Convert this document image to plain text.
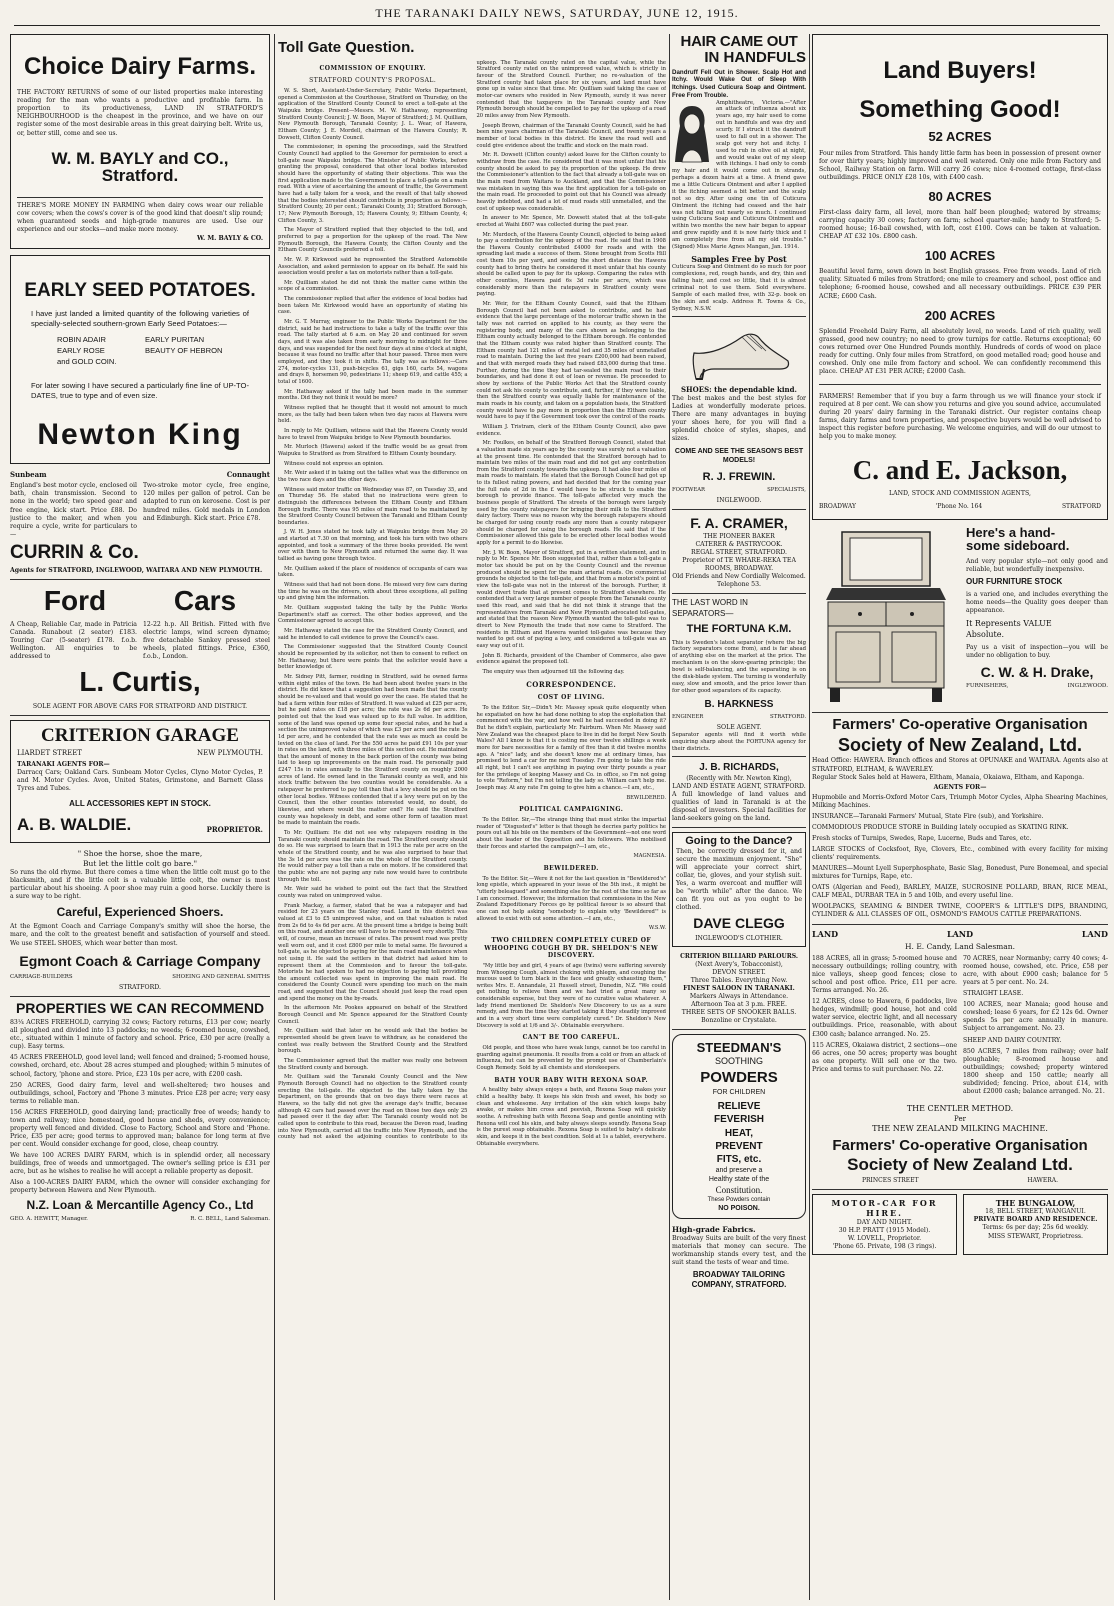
THE TARANAKI DAILY NEWS, SATURDAY, JUNE 12, 1915.
Choice Dairy Farms.
THE FACTORY RETURNS of some of our listed properties make interesting reading for the man who wants a productive and profitable farm. In proportion to its productiveness, LAND IN STRATFORD'S NEIGHBOURHOOD is the cheapest in the province, and we have on our register some of the most desirable areas in this great dairying belt. Write us, or, better still, come and see us.
W. M. BAYLY and CO., Stratford.
THERE'S MORE MONEY IN FARMING when dairy cows wear our reliable cow covers; when the cows's cover is of the good kind that doesn't slip round; when guaranteed seeds and high-grade manures are used. Use our experience and our stocks—and make more money.
W. M. BAYLY & CO.
EARLY SEED POTATOES.
I have just landed a limited quantity of the following varieties of specially-selected southern-grown Early Seed Potatoes:—
ROBIN ADAIR	EARLY PURITAN
EARLY ROSE	BEAUTY OF HEBRON
and GOLD COIN.
For later sowing I have secured a particularly fine line of UP-TO-DATES, true to type and of even size.
Newton King
Sunbeam	Connaught
England's best motor cycle, enclosed oil bath, chain transmission. Second to none in the world; two speed gear and free engine, kick start. Price £88. Do justice to the maker, and when you require a cycle, write for particulars to—
Two-stroke motor cycle, free engine, 120 miles per gallon of petrol. Can be adapted to run on kerosene. Cost is per hundred miles. Gold medals in London and Edinburgh. Kick start. Price £78.
CURRIN & Co.
Agents for STRATFORD, INGLEWOOD, WAITARA AND NEW PLYMOUTH.
Ford Cars
A Cheap, Reliable Car, made in Patricia Canada. Runabout (2 seater) £183. Touring Car (5-seater) £178. f.o.b. Wellington. All enquiries to be addressed to
12-22 h.p. All British. Fitted with five electric lamps, wind screen dynamo; five detachable Sankey pressed steel wheels, plated fittings. Price, £360, f.o.b., London.
L. Curtis,
SOLE AGENT FOR ABOVE CARS FOR STRATFORD AND DISTRICT.
CRITERION GARAGE
LIARDET STREET	NEW PLYMOUTH.
TARANAKI AGENTS FOR—
Darracq Cars; Oakland Cars. Sunbeam Motor Cycles, Clyno Motor Cycles, P. and M. Motor Cycles. Avon, United States, Grimstone, and Barnett Glass Tyres and Tubes.
ALL ACCESSORIES KEPT IN STOCK.
A. B. WALDIE.	PROPRIETOR.
" Shoe the horse, shoe the mare,
But let the little colt go bare."
So runs the old rhyme. But there comes a time when the little colt must go to the blacksmith, and if the little colt is a valuable little colt, the owner is most particular about his shoeing. A poor shoe may ruin a good horse. Luckily there is a sure way to be right.
Careful, Experienced Shoers.
At the Egmont Coach and Carriage Company's smithy will shoe the horse, the mare, and the colt to the greatest benefit and satisfaction of yourself and steed. We use STEEL SHOES, which wear better than most.
Egmont Coach & Carriage Company
CARRIAGE-BUILDERS	SHOEING AND GENERAL SMITHS
STRATFORD.
PROPERTIES WE CAN RECOMMEND
83¼ ACRES FREEHOLD, carrying 32 cows; Factory returns, £13 per cow; nearly all ploughed and divided into 13 paddocks; no weeds; 6-roomed house, cowshed, etc., situated within 1 minute of factory and school. Price, £30 per acre (really a cup). Easy terms.
45 ACRES FREEHOLD, good level land; well fenced and drained; 5-roomed house, cowshed, orchard, etc. About 28 acres stumped and ploughed; within 5 minutes of school, factory, 'phone and store. Price, £23 10s per acre, with £200 cash.
250 ACRES, Good dairy farm, level and well-sheltered; two houses and outbuildings, school, Factory and 'Phone 3 minutes. Price £28 per acre; very easy terms to reliable man.
156 ACRES FREEHOLD, good dairying land; practically free of weeds; handy to town and railway; nice homestead, good house and sheds, every convenience; property well fenced and divided. Close to Factory, School and Store and 'Phone. Price, £35 per acre; good terms to approved man; balance for long term at five per cent. Would consider exchange for good, close, cheap country.
We have 100 ACRES DAIRY FARM, which is in splendid order, all necessary buildings, free of weeds and unmortgaged. The owner's selling price is £31 per acre, but as he wishes to realise he will accept a reliable property as deposit.
Also a 100-ACRES DAIRY FARM, which the owner will consider exchanging for property between Hawera and New Plymouth.
N.Z. Loan & Mercantille Agency Co., Ltd
GEO. A. HEWITT, Manager.	R. C. BELL, Land Salesman.
Toll Gate Question.
COMMISSION OF ENQUIRY.
STRATFORD COUNTY'S PROPOSAL.

W. S. Short, Assistant-Under-Secretary, Public Works Department, opened a Commission at the Courthouse, Stratford on Thursday, on the application of the Stratford County Council to erect a toll-gate at the Waipuku bridge. Present—Messrs. M. W. Hathaway, representing Stratford County Council; J. W. Boon, Mayor of Stratford; J. M. Quilliam, New Plymouth Borough, Taranaki County; J. L. Wear, of Hawera, Eltham County; J. E. Mordell, chairman of the Hawera County; R. Dowsett, Clifton County Council.

The commissioner, in opening the proceedings, said the Stratford County Council had applied to the Governor for permission to erect a toll-gate near Waipuku bridge. The Minister of Public Works, before granting the proposal, considered that other local bodies interested should have the opportunity of stating their objections. This was the first application made to the Government to place a toll-gate on a main road. With a view of ascertaining the amount of traffic, the Government have had a tally taken for a week, and the result of that tally showed that the bodies interested should contribute in proportion as follows:—Stratford County, 20 per cent.; Taranaki County, 31; Stratford Borough, 17; New Plymouth Borough, 15; Hawera County, 9; Eltham County, 4; Clifton County, 3.

The Mayor of Stratford replied that they objected to the toll, and preferred to pay a proportion for the upkeep of the road. The New Plymouth Borough, the Hawera County, the Clifton County and the Eltham County Councils preferred a toll.

Mr. W. P. Kirkwood said he represented the Stratford Automobile Association, and asked permission to appear on its behalf. He said his association would prefer a tax on motorists rather than a toll-gate.

Mr. Quilliam stated he did not think the matter came within the scope of a commission.

The commissioner replied that after the evidence of local bodies had been taken Mr. Kirkwood would have an opportunity of stating his case.

Mr. G. T. Murray, engineer to the Public Works Department for the district, said he had instructions to take a tally of the traffic over this road. The tally started at 6 a.m. on May 20 and continued for seven days, and it was also taken from early morning to midnight for three days, and was suspended for the next four days at nine o'clock at night, because it was found no traffic after that hour passed. Three men were employed, and they took it in shifts. The tally was as follows:—Cars 274, motor-cycles 131, push-bicycles 61, gigs 160, carts 54, wagons and drays 8, horsemen 90, pedestrians 11; sheep 619, and cattle 455; a total of 1600.

Mr. Hathaway asked if the tally had been made in the summer months. Did they not think it would be more?

Witness replied that he thought that it would not amount to much more, as the tally had been taken when two day races at Hawera were held.

In reply to Mr. Quilliam, witness said that the Hawera County would have to travel from Waipuku bridge to New Plymouth boundaries.

Mr. Murloch (Hawera) asked if the traffic would be as great from Waipuku to Stratford as from Stratford to Eltham County boundary.

Witness could not express an opinion.

Mr. Weir asked if in taking out the tallies what was the difference on the two race days and the other days.

Witness said motor traffic on Wednesday was 87, on Tuesday 35, and on Thursday 56. He stated that no instructions were given to distinguish the differences between the Eltham County and Eltham Borough traffic. There was 95 miles of main road to be maintained by the Stratford County Council between the Taranaki and Eltham County boundaries.

J. W. H. Jones stated he took tally at Waipuku bridge from May 20 and started at 7.30 on that morning, and took his turn with two others appointed, and took a summary of the three books provided. He went over with them to New Plymouth and returned the same day. It was tallied as having gone through twice.

Mr. Quilliam asked if the place of residence of occupants of cars was taken.

Witness said that had not been done. He missed very few cars during the time he was on the drivers, with about three exceptions, all pulling up and giving him the information.

Mr. Quilliam suggested taking the tally by the Public Works Department's staff as correct. The other bodies approved, and the Commissioner agreed to accept this.

Mr. Hathaway stated the case for the Stratford County Council, and said he intended to call evidence to prove the Council's case.

The Commissioner suggested that the Stratford County Council should be represented by its solicitor, not then to consent to reflect on Mr. Hathaway, but there were points that the solicitor would have a better knowledge of.

Mr. Sidney Pitt, farmer, residing in Stratford, said he owned farms within eight miles of the town. He had been about twelve years in the district. He did know that a suggestion had been made that the county should be re-valued and that would go over the case. He stated that he had a farm within four miles of Stratford. It was valued at £25 per acre, but he paid rates on £18 per acre; the rate was 2s 6d per acre. He pointed out that the load was valued up to its full value. In addition, some of the land was opened up some four special rates, and he had a section the unimproved value of which was £3 per acre and the rate 3s 1d per acre, and he contended that the rate was as much as could be levied on the class of land. For the 550 acres he paid £91 10s per year in rates on the land, with three miles of this section out. He maintained that the amount of money in the back portion of the county was being laid to keep up improvements on the main road. He personally paid £247 15s in rates annually to the Stratford county on roughly 2000 acres of land. He owned land in the Taranaki county as well, and his stock traffic between the two counties would be considerable. As a ratepayer he preferred to pay toll than that a levy should be put on the other local bodies. Witness contended that if a levy were put on by the Council, then the other counties interested would, no doubt, do likewise, and where would the matter end? He said the Stratford county was hopelessly in debt, and some other form of taxation must be made to maintain the roads.

To Mr. Quilliam: He did not see why ratepayers residing in the Taranaki county should maintain the road. The Stratford county should do so. He was surprised to learn that in 1913 the rate per acre on the whole of the Stratford county, and he was also surprised to hear that the 3s 1d per acre was the rate on the whole of the Stratford county. He would rather pay a toll than a rate on motors. If he considered that the public who are not paying any rate now would have to contribute through the toll.

Mr. Weir said he wished to point out the fact that the Stratford county was rated on unimproved value.

Frank Mackay, a farmer, stated that he was a ratepayer and had resided for 23 years on the Stanley road. Land in this district was valued at £3 to £5 unimproved value, and on that valuation is rated from 2s 6d to 4s 6d per acre. At the present time a bridge is being built on this road, and another one will have to be renewed very shortly. This will, of course, mean an increase of rates. The present road was pretty well worn out, and it cost £800 per mile to metal same. He favoured a toll-gate, as he objected to paying for the main road maintenance when not using it. He said the settlers in that district had asked him to represent them at the Commission and to favour the toll-gate. Motorists he had spoken to had no objection to paying toll providing the amount collected was spent in improving the main road. He considered the County Council were spending too much on the main road, and suggested that the Council should just keep the road open and spend the money on the by-roads.

In the afternoon Mr. Pookes appeared on behalf of the Stratford Borough Council and Mr. Spence appeared for the Stratford County Council.

Mr. Quilliam said that later on he would ask that the bodies be represented should be given leave to withdraw, as he considered the contest was really between the Stratford County and the Stratford borough.

The Commissioner agreed that the matter was really one between the Stratford county and borough.

Mr. Quilliam said the Taranaki County Council and the New Plymouth Borough Council had no objection to the Stratford county erecting the toll-gate. He objected to the tally taken by the Department, on the grounds that on two days there were races at Hawera, so the tally did not give the average day's traffic, because although 42 cars had passed over the road on those two days only 25 had passed over it the day after. The Taranaki county would not be called upon to contribute to this road, because the Devon road, leading into New Plymouth, carried all the traffic into New Plymouth, and the county had not asked the adjoining counties to contribute to its upkeep. The Taranaki county rated on the capital value, while the Stratford county rated on the unimproved value, which is strictly in favour of the Stratford Council. Further, no re-valuation of the Stratford county had taken place for six years, and land must have gone up in value since that time. Mr. Quilliam said taking the case of motor-car owners who resided in New Plymouth, surely it was never contended that the taxpayers in the Taranaki county and New Plymouth borough should be compelled to pay for the upkeep of a road 20 miles away from New Plymouth.

Joseph Brown, chairman of the Taranaki County Council, said he had been nine years chairman of the Taranaki Council, and twenty years a member of local bodies in this district. He knew the road well and could give evidence about the traffic and stock on the main road.

Mr. R. Dowsett (Clifton county) asked leave for the Clifton county to withdraw from the case. He considered that it was most unfair that his county should be asked to pay its proportion of the upkeep. He drew the Commissioner's attention to the fact that already a toll-gate was on the main road from Waitara to Auckland, and that the Commissioner was mistaken in saying this was the first application for a toll-gate on the main road. He proceeded to point out that his Council was already heavily indebted, and had a lot of mud roads still unmetalled, and the cost of upkeep was considerable.

In answer to Mr. Spence, Mr. Dowsett stated that at the toll-gate erected at Waihi £607 was collected during the past year.

Mr. Murdoch, of the Hawera County Council, objected to being asked to pay a contribution for the upkeep of the road. He said that in 1908 the Hawera County contributed £4000 for roads and with the spreading last made a success of them. Stone brought from Scotts Hill cost them 10s per yard, and seeing the short distance the Hawera county had to bring theirs he considered it most unfair that his county should be called upon to pay for its upkeep. Comparing the rates with other counties, Hawera paid 6s 3d rate per acre, which was considerably more than the ratepayers in Stratford county were paying.

Mr. Weir, for the Eltham County Council, said that the Eltham Borough Council had not been asked to contribute, and he had evidence that the large percentage of the motorcar traffic shown in the tally was not carried on applied to his county, as they were the registering body, and many of the cars shown as belonging to the Eltham county actually belonged to the Eltham borough. He contended that the Eltham county was rated higher than Stratford county. The Eltham county had 121 miles of metal led and 35 miles of unmetalled road to maintain. During the last five years £200,000 had been raised, and that with merged roads they had raised £83,000 during that time. Further, during the time they had tar-sealed the main road to their boundaries, and had done it out of loan or revenue. He proceeded to show by sections of the Public Works Act that the Stratford county could not ask his county to contribute, and, further, if they were liable, then the Stratford county was equally liable for maintenance of the main roads in his county, and taken on a population basis, the Stratford county would have to pay more in proportion than the Eltham county would have to pay if the Government took over the control of the roads.

William J. Tristram, clerk of the Eltham County Council, also gave evidence.

Mr. Foulkes, on behalf of the Stratford Borough Council, stated that a valuation made six years ago by the county was surely not a valuation at the present time. He contended that the Stratford borough had to maintain two miles of the main road and did not get any contribution from the Stratford county towards the upkeep. It had also four miles of main roads to maintain. He stated that the Borough Council had got up to its fullest rating powers, and had decided that for the coming year the full rate of 2d in the £ would have to be struck to enable the borough to provide finance. The toll-gate affected very much the business people of Stratford. The streets of the borough were largely used by the county ratepayers for bringing their milk to the Stratford dairy factory. There was no reason why the borough ratepayers should be charged for using county roads any more than a county ratepayer should be charged for using the borough roads. He said that if the Commissioner allowed this gate to be erected other local bodies would apply for a permit to do likewise.

Mr. J. W. Boon, Mayor of Stratford, put in a written statement, and in reply to Mr. Spence Mr. Boon suggested that, rather than a toll-gate a motor tax should be put on by the County Council and the revenue produced should be spent for the main arterial roads. On commercial grounds he objected to the toll-gate, and that from a motorist's point of view the toll-gate was not in the interest of the borough. Further, it would divert trade that at present comes to Stratford elsewhere. He contended that a very large number of people from the Taranaki county used this road, and said that he did not think it strange that the representatives from Taranaki and New Plymouth advocated toll-gates, and stated that the reason New Plymouth wanted the toll-gate was to divert to New Plymouth the trade that now came to Stratford. The residents in Eltham and Hawera wanted toll-gates was because they wanted to get out of paying a levy, and considered a toll-gate was an easy way out of it.

John B. Richards, president of the Chamber of Commerce, also gave evidence against the proposed toll.

The enquiry was then adjourned till the following day.

CORRESPONDENCE.
COST OF LIVING.

To the Editor. Sir,—Didn't Mr. Massey speak quite eloquently when he expatiated on how he had done nothing to stop the exploitation that commenced with the war, and how well he had succeeded in doing it? But he didn't explain, particularly Mr. Fairburn. When Mr. Massey said New Zealand was the cheapest place to live in did he forget New South Wales? All I know is that it is costing me over twelve shillings a week more for bare necessities for a family of five than it did twelve months ago. A "nice" lady, and she doesn't know me at ordinary times, has promised to lend a car for me next Tuesday. I'm going to take the ride all right, but I can't see anything in paying over thirty pounds a year for the privilege of keeping Massey and Co. in office, so I'm not going to vote "Reform," but I'm not telling the lady so. William can't help me. Joseph may. At any rate I'm going to give him a chance.—I am, etc.,

BEWILDERED.

POLITICAL CAMPAIGNING.

To the Editor. Sir,—The strange thing that must strike the impartial reader of "Disgusted's" letter is that though he decries party politics he pours out all his bile on the members of the Government—not one word about the leader of the Opposition and his followers. Who mobilised their forces and started the campaign?—I am, etc.,

MAGNESIA.

BEWILDERED.

To the Editor. Sir,—Were it not for the last question in "Bewildered's" long epistle, which appeared in your issue of the 5th inst., it might be "utterly beleagued" and something else for the rest of the time so far as I am concerned. However, the information that commissions in the New Zealand Expeditionary Forces go by political favour is so absurd that one can not help asking "somebody to explain why 'Bewildered'" is allowed to exist with out some attention.—I am, etc.,

W.S.W.

TWO CHILDREN COMPLETELY CURED OF WHOOPING COUGH BY DR. SHELDON'S NEW DISCOVERY.

"My little boy and girl, 4 years of age (twins) were suffering severely from Whooping Cough, almost choking with phlegm, and coughing the mucous used to turn black in the face and greatly exhausting them," writes Mrs. E. Annandale, 21 Russell street, Dunedin, N.Z. "We could get nothing to relieve them and we had tried a great many so considerable expense, but they were of no curative value whatever. A lady friend mentioned Dr. Sheldon's New Discovery to us as a sure remedy, and from the time they started taking it they steadily improved and in a very short time were completely cured." Dr. Sheldon's New Discovery is sold at 1/6 and 3/-. Obtainable everywhere.

CAN'T BE TOO CAREFUL.

Old people, and those who have weak lungs, cannot be too careful in guarding against pneumonia. It results from a cold or from an attack of influenza, but can be prevented by the prompt use of Chamberlain's Cough Remedy. Sold by all chemists and storekeepers.

BATH YOUR BABY WITH REXONA SOAP.

A healthy baby always enjoys a bath, and Rexona Soap makes your child a healthy baby. It keeps his skin fresh and sweet, his body so clean and wholesome. Any irritation of the skin which keeps baby awake, or makes him cross and peevish, Rexona Soap will quickly soothe. A refreshing bath with Rexona Soap and gentle anointing with Rexona will cool his skin, and baby always sleeps soundly. Rexona Soap is the purest soap obtainable. Rexona Soap is suited to baby's delicate skin, and keeps it in the best condition. Sold at 1s a tablet, everywhere. Obtainable everywhere.

HAIR CAME OUT
IN HANDFULS
Dandruff Fell Out in Shower. Scalp Hot and Itchy. Would Wake Out of Sleep With Itchings. Used Cuticura Soap and Ointment. Free From Trouble.
Amphitheatre, Victoria.—"After an attack of influenza about six years ago, my hair used to come out in handfuls and was dry and scurfy. If I struck it the dandruff used to fall out in a shower. The scalp got very hot and itchy. I used to rub in olive oil at night, and would wake out of my sleep with itchings. I had only to comb my hair and it would come out in strands, perhaps a dozen hairs at a time. A friend gave me a little Cuticura Ointment and after I applied it the itching seemed a bit better and the scalp not so dry. After using one tin of Cuticura Ointment the itching had ceased and the hair was not falling out nearly so much. I continued using Cuticura Soap and Cuticura Ointment and within two months the new hair began to appear and grew rapidly and it is now fairly thick and I am completely free from all my old trouble." (Signed) Miss Marie Agnes Mangan, Jan. 1914.
Samples Free by Post
Cuticura Soap and Ointment do so much for poor complexions, red, rough hands, and dry, thin and falling hair, and cost so little, that it is almost criminal not to use them. Sold everywhere. Sample of each mailed free, with 32-p. book on the skin and scalp. Address R. Towns & Co., Sydney, N.S.W.
SHOES: the dependable kind.
The best makes and the best styles for Ladies at wonderfully moderate prices. There are many advantages in buying your shoes here, for you will find a splendid choice of styles, shapes, and sizes.
COME AND SEE THE SEASON'S BEST MODELS!
R. J. FREWIN.
FOOTWEAR	SPECIALISTS,
INGLEWOOD.
F. A. CRAMER,
THE PIONEER BAKER
CATERER & PASTRYCOOK.
REGAL STREET, STRATFORD.
Proprietor of TE WHARE-REKA TEA ROOMS, BROADWAY.
Old Friends and New Cordially Welcomed.
Telephone 53.
THE LAST WORD IN
SEPARATORS—
THE FORTUNA K.M.
This is Sweden's latest separator (where the big factory separators come from), and is far ahead of anything else on the market at the price. The mechanism is on the skew-gearing principle; the bowl is self-balancing, and the separating is on the disk-blade system. The turning is wonderfully easy, slow and smooth, and the price lower than for other good separators of its capacity.
B. HARKNESS
ENGINEER	STRATFORD.
SOLE AGENT.
Separator agents will find it worth while enquiring sharp about the FORTUNA agency for their districts.
J. B. RICHARDS,
(Recently with Mr. Newton King),
LAND AND ESTATE AGENT, STRATFORD.
A full knowledge of land values and qualities of land in Taranaki is at the disposal of investors. Special facilities for land-seekers going on the land.
Going to the Dance?
Then, be correctly dressed for it, and secure the maximum enjoyment. "She" will appreciate your correct shirt, collar, tie, gloves, and your stylish suit. Yes, a warm overcoat and muffler will be "worth while" after the dance. We can fit you out as you ought to be clothed.
DAVE CLEGG
INGLEWOOD'S CLOTHIER.
CRITERION BILLIARD PARLOURS.
(Next Avery's, Tobacconist),
DEVON STREET.
Three Tables. Everything New.
FINEST SALOON IN TARANAKI.
Markers Always in Attendance.
Afternoon Tea at 3 p.m. FREE.
THREE SETS OF SNOOKER BALLS.
Bonzoline or Crystalate.
STEEDMAN'S
SOOTHING
POWDERS
FOR CHILDREN
RELIEVE
FEVERISH
HEAT,
PREVENT
FITS, etc.
and preserve a
Healthy state of the
Constitution.
These Powders contain
NO POISON.
High-grade Fabrics.
Broadway Suits are built of the very finest materials that money can secure. The workmanship stands every test, and the suit stand the tests of wear and time.
BROADWAY TAILORING COMPANY, STRATFORD.
Land Buyers!
Something Good!
52 ACRES
Four miles from Stratford. This handy little farm has been in possession of present owner for over thirty years; highly improved and well watered. Only one mile from Factory and School, Railway Station on farm. Will carry 26 cows; nice 4-roomed cottage, first-class outbuildings. PRICE ONLY £28 10s, with £400 cash.
80 ACRES
First-class dairy farm, all level, more than half been ploughed; watered by streams; carrying capacity 30 cows; factory on farm; school quarter-mile; handy to Stratford; 5-roomed house; 16-bail cowshed, with loft, cost £100. Cows can be taken at valuation. CHEAP AT £32 10s. £800 cash.
100 ACRES
Beautiful level farm, sown down in best English grasses. Free from weeds. Land of rich quality. Situated 6 miles from Stratford; one mile to creamery and school, post office and telephone; 6-roomed house, cowshed and all necessary outbuildings. PRICE £39 PER ACRE; £600 Cash.
200 ACRES
Splendid Freehold Dairy Farm, all absolutely level, no weeds. Land of rich quality, well grassed, good new country; no need to grow turnips for cattle. Returns exceptional; 60 cows returned over One Hundred Pounds monthly. Hundreds of cords of wood on place ready for cutting. Only four miles from Stratford, on good metalled road; good house and cowshed. Only one mile from factory and school. We can confidently recommend this place. CHEAP AT £31 PER ACRE; £2000 Cash.
FARMERS! Remember that if you buy a farm through us we will finance your stock if required at 8 per cent. We can show you returns and give you sound advice, accumulated during 20 years' dairy farming in the Taranaki district. Our register contains cheap farms, dairy farms and town properties, and prospective buyers would be well advised to inspect this register before purchasing. We welcome enquiries, and will do our utmost to help you to make money.
C. and E. Jackson,
LAND, STOCK AND COMMISSION AGENTS,
BROADWAY	'Phone No. 164	STRATFORD
Here's a hand-
some sideboard.
And very popular style—not only good and reliable, but wonderfully inexpensive.
OUR FURNITURE STOCK
is a varied one, and includes everything the home needs—the Quality goes deeper than appearance.
It Represents VALUE
Absolute.
Pay us a visit of inspection—you will be under no obligation to buy.
C. W. & H. Drake,
FURNISHERS,	INGLEWOOD.
Farmers' Co-operative Organisation
Society of New Zealand, Ltd.
Head Office: HAWERA. Branch offices and Stores at OPUNAKE and WAITARA. Agents also at STRATFORD, ELTHAM, & WAVERLEY.
Regular Stock Sales held at Hawera, Eltham, Manaia, Okaiawa, Eltham, and Kaponga.
AGENTS FOR—
Hupmobile and Morris-Oxford Motor Cars, Triumph Motor Cycles, Alpha Shearing Machines, Milking Machines.
INSURANCE—Taranaki Farmers' Mutual, State Fire (sub), and Yorkshire.
COMMODIOUS PRODUCE STORE in Building lately occupied as SKATING RINK.
Fresh stocks of Turnips, Swedes, Rape, Lucerne, Buds and Tares, etc.
LARGE STOCKS of Cocksfoot, Rye, Clovers, Etc., combined with every facility for mixing clients' requirements.
MANURES—Mount Lyell Superphosphate, Basic Slag, Bonedust, Pure Bonemeal, and special mixtures for Turnips, Rape, etc.
OATS (Algerian and Feed), BARLEY, MAIZE, SUCROSINE POLLARD, BRAN, RICE MEAL, CALF MEAL, DURBAR TEA in 5 and 10lb, and every useful line.
WOOLPACKS, SEAMING & BINDER TWINE, COOPER'S & LITTLE'S DIPS, BRANDING, CYLINDER & ALL CLASSES OF OIL, OSMOND'S FAMOUS CATTLE PREPARATIONS.
LAND	LAND	LAND
H. E. Candy, Land Salesman.
188 ACRES, all in grass; 5-roomed house and necessary outbuildings; rolling country, with nice valleys, sheep good fences; close to school and post office. Price, £11 per acre. Terms arranged. No. 26.
12 ACRES, close to Hawera, 6 paddocks, live hedges, windmill; good house, hot and cold water service, electric light, and all necessary outbuildings. Price, reasonable, with about £300 cash; balance arranged. No. 25.
115 ACRES, Okaiawa district, 2 sections—one 66 acres, one 50 acres; property was bought as one property. Will sell one or the two. Price and terms to suit purchaser. No. 22.
70 ACRES, near Normanby; carry 40 cows; 4-roomed house, cowshed, etc. Price, £58 per acre, with about £900 cash; balance for 5 years at 5 per cent. No. 24.
STRAIGHT LEASE.
100 ACRES, near Manaia; good house and cowshed; lease 6 years, for £2 12s 6d. Owner spends 5s per acre annually in manure. Subject to arrangement. No. 23.
SHEEP AND DAIRY COUNTRY.
850 ACRES, 7 miles from railway; over half ploughable; 8-roomed house and outbuildings; cowshed; property wintered 1800 sheep and 150 cattle; nearly all subdivided; fencing. Price, about £14, with about £2000 cash; balance arranged. No. 21.
THE CENTLER METHOD.
Per
THE NEW ZEALAND MILKING MACHINE.
Farmers' Co-operative Organisation
Society of New Zealand Ltd.
PRINCES STREET	HAWERA.
MOTOR-CAR FOR HIRE.
DAY AND NIGHT.
30 H.P. PRATT (1915 Model).
W. LOVELL, Proprietor.
'Phone 65. Private, 198 (3 rings).
THE BUNGALOW,
18, BELL STREET, WANGANUI.
PRIVATE BOARD AND RESIDENCE.
Terms: 6s per day; 25s 6d weekly.
MISS STEWART, Proprietress.
